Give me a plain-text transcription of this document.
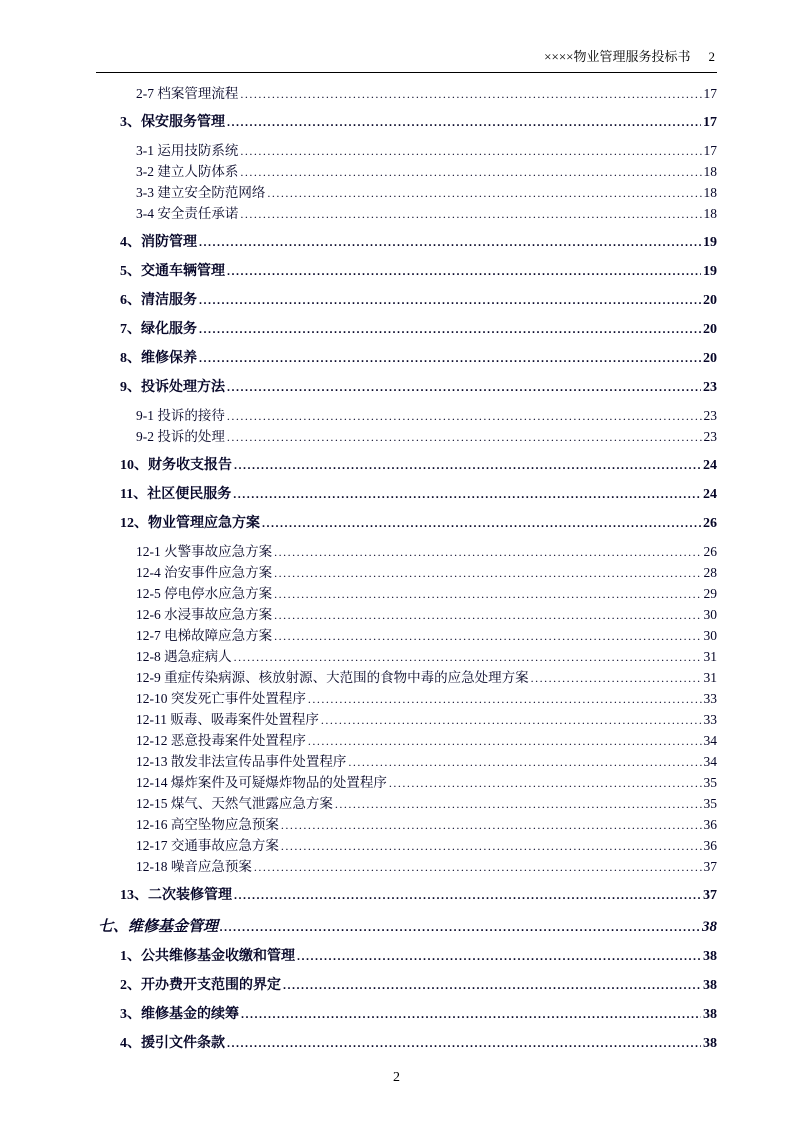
××××物业管理服务投标书 2
2-7 档案管理流程 .....	17
3、保安服务管理 .....	17
3-1 运用技防系统 .....	17
3-2 建立人防体系 .....	18
3-3 建立安全防范网络 .....	18
3-4 安全责任承诺 .....	18
4、消防管理 .....	19
5、交通车辆管理 .....	19
6、清洁服务 .....	20
7、绿化服务 .....	20
8、维修保养 .....	20
9、投诉处理方法 .....	23
9-1 投诉的接待 .....	23
9-2 投诉的处理 .....	23
10、财务收支报告 .....	24
11、社区便民服务 .....	24
12、物业管理应急方案 .....	26
12-1 火警事故应急方案 .....	26
12-4 治安事件应急方案 .....	28
12-5 停电停水应急方案 .....	29
12-6 水浸事故应急方案 .....	30
12-7 电梯故障应急方案 .....	30
12-8 遇急症病人 .....	31
12-9 重症传染病源、核放射源、大范围的食物中毒的应急处理方案 .....	31
12-10 突发死亡事件处置程序 .....	33
12-11 贩毒、吸毒案件处置程序 .....	33
12-12 恶意投毒案件处置程序 .....	34
12-13 散发非法宣传品事件处置程序 .....	34
12-14 爆炸案件及可疑爆炸物品的处置程序 .....	35
12-15 煤气、天然气泄露应急方案 .....	35
12-16 高空坠物应急预案 .....	36
12-17 交通事故应急方案 .....	36
12-18 噪音应急预案 .....	37
13、二次装修管理 .....	37
七、维修基金管理 .....	38
1、公共维修基金收缴和管理 .....	38
2、开办费开支范围的界定 .....	38
3、维修基金的续筹 .....	38
4、援引文件条款 .....	38
2
